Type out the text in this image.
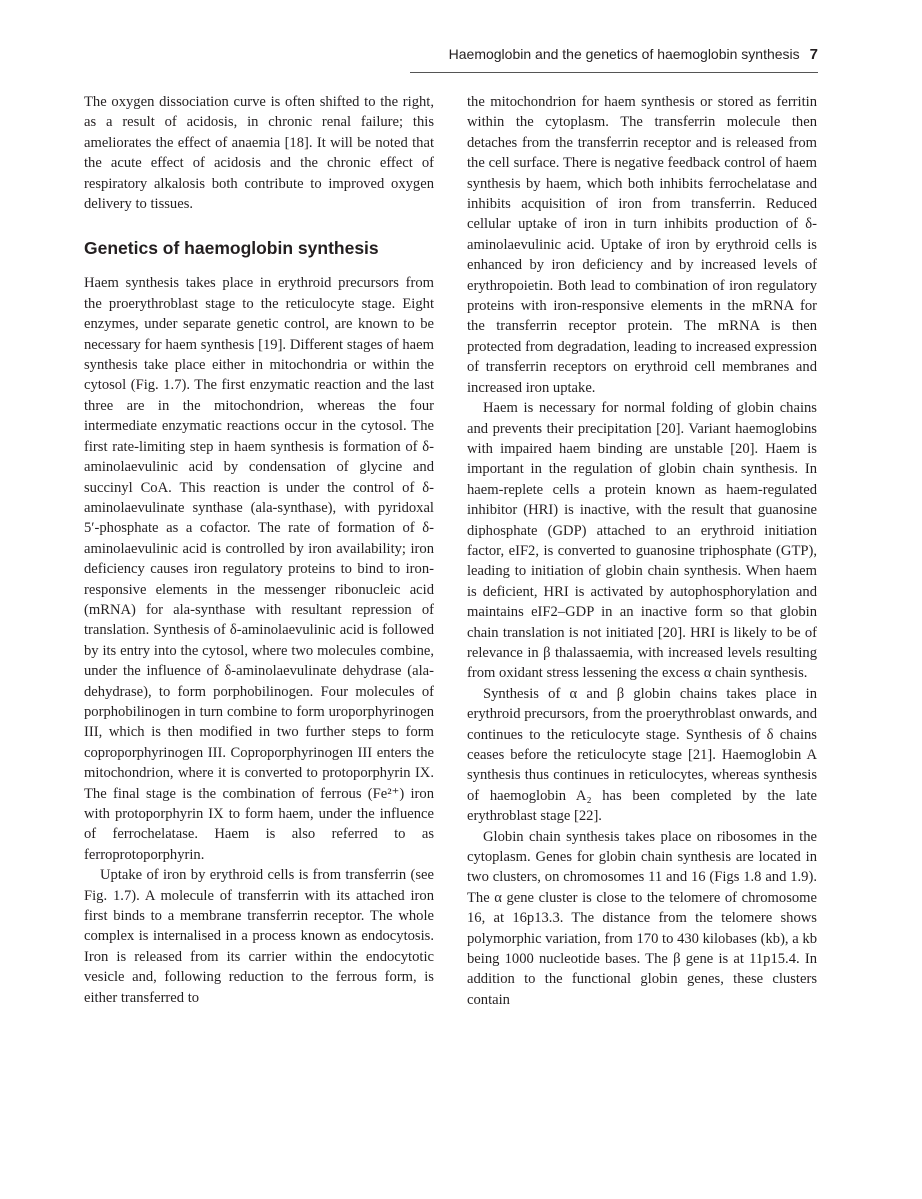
Haemoglobin and the genetics of haemoglobin synthesis 7

The oxygen dissociation curve is often shifted to the right, as a result of acidosis, in chronic renal failure; this ameliorates the effect of anaemia [18]. It will be noted that the acute effect of acidosis and the chronic effect of respiratory alkalosis both contribute to improved oxygen delivery to tissues.

Genetics of haemoglobin synthesis

Haem synthesis takes place in erythroid precursors from the proerythroblast stage to the reticulocyte stage. Eight enzymes, under separate genetic control, are known to be necessary for haem synthesis [19]. Different stages of haem synthesis take place either in mitochondria or within the cytosol (Fig. 1.7). The first enzymatic reaction and the last three are in the mitochondrion, whereas the four intermediate enzymatic reactions occur in the cytosol. The first rate-limiting step in haem synthesis is formation of δ-aminolaevulinic acid by condensation of glycine and succinyl CoA. This reaction is under the control of δ-aminolaevulinate synthase (ala-synthase), with pyridoxal 5′-phosphate as a cofactor. The rate of formation of δ-aminolaevulinic acid is controlled by iron availability; iron deficiency causes iron regulatory proteins to bind to iron-responsive elements in the messenger ribonucleic acid (mRNA) for ala-synthase with resultant repression of translation. Synthesis of δ-aminolaevulinic acid is followed by its entry into the cytosol, where two molecules combine, under the influence of δ-aminolaevulinate dehydrase (ala-dehydrase), to form porphobilinogen. Four molecules of porphobilinogen in turn combine to form uroporphyrinogen III, which is then modified in two further steps to form coproporphyrinogen III. Coproporphyrinogen III enters the mitochondrion, where it is converted to protoporphyrin IX. The final stage is the combination of ferrous (Fe²⁺) iron with protoporphyrin IX to form haem, under the influence of ferrochelatase. Haem is also referred to as ferroprotoporphyrin.

Uptake of iron by erythroid cells is from transferrin (see Fig. 1.7). A molecule of transferrin with its attached iron first binds to a membrane transferrin receptor. The whole complex is internalised in a process known as endocytosis. Iron is released from its carrier within the endocytotic vesicle and, following reduction to the ferrous form, is either transferred to

the mitochondrion for haem synthesis or stored as ferritin within the cytoplasm. The transferrin molecule then detaches from the transferrin receptor and is released from the cell surface. There is negative feedback control of haem synthesis by haem, which both inhibits ferrochelatase and inhibits acquisition of iron from transferrin. Reduced cellular uptake of iron in turn inhibits production of δ-aminolaevulinic acid. Uptake of iron by erythroid cells is enhanced by iron deficiency and by increased levels of erythropoietin. Both lead to combination of iron regulatory proteins with iron-responsive elements in the mRNA for the transferrin receptor protein. The mRNA is then protected from degradation, leading to increased expression of transferrin receptors on erythroid cell membranes and increased iron uptake.

Haem is necessary for normal folding of globin chains and prevents their precipitation [20]. Variant haemoglobins with impaired haem binding are unstable [20]. Haem is important in the regulation of globin chain synthesis. In haem-replete cells a protein known as haem-regulated inhibitor (HRI) is inactive, with the result that guanosine diphosphate (GDP) attached to an erythroid initiation factor, eIF2, is converted to guanosine triphosphate (GTP), leading to initiation of globin chain synthesis. When haem is deficient, HRI is activated by autophosphorylation and maintains eIF2–GDP in an inactive form so that globin chain translation is not initiated [20]. HRI is likely to be of relevance in β thalassaemia, with increased levels resulting from oxidant stress lessening the excess α chain synthesis.

Synthesis of α and β globin chains takes place in erythroid precursors, from the proerythroblast onwards, and continues to the reticulocyte stage. Synthesis of δ chains ceases before the reticulocyte stage [21]. Haemoglobin A synthesis thus continues in reticulocytes, whereas synthesis of haemoglobin A₂ has been completed by the late erythroblast stage [22].

Globin chain synthesis takes place on ribosomes in the cytoplasm. Genes for globin chain synthesis are located in two clusters, on chromosomes 11 and 16 (Figs 1.8 and 1.9). The α gene cluster is close to the telomere of chromosome 16, at 16p13.3. The distance from the telomere shows polymorphic variation, from 170 to 430 kilobases (kb), a kb being 1000 nucleotide bases. The β gene is at 11p15.4. In addition to the functional globin genes, these clusters contain
